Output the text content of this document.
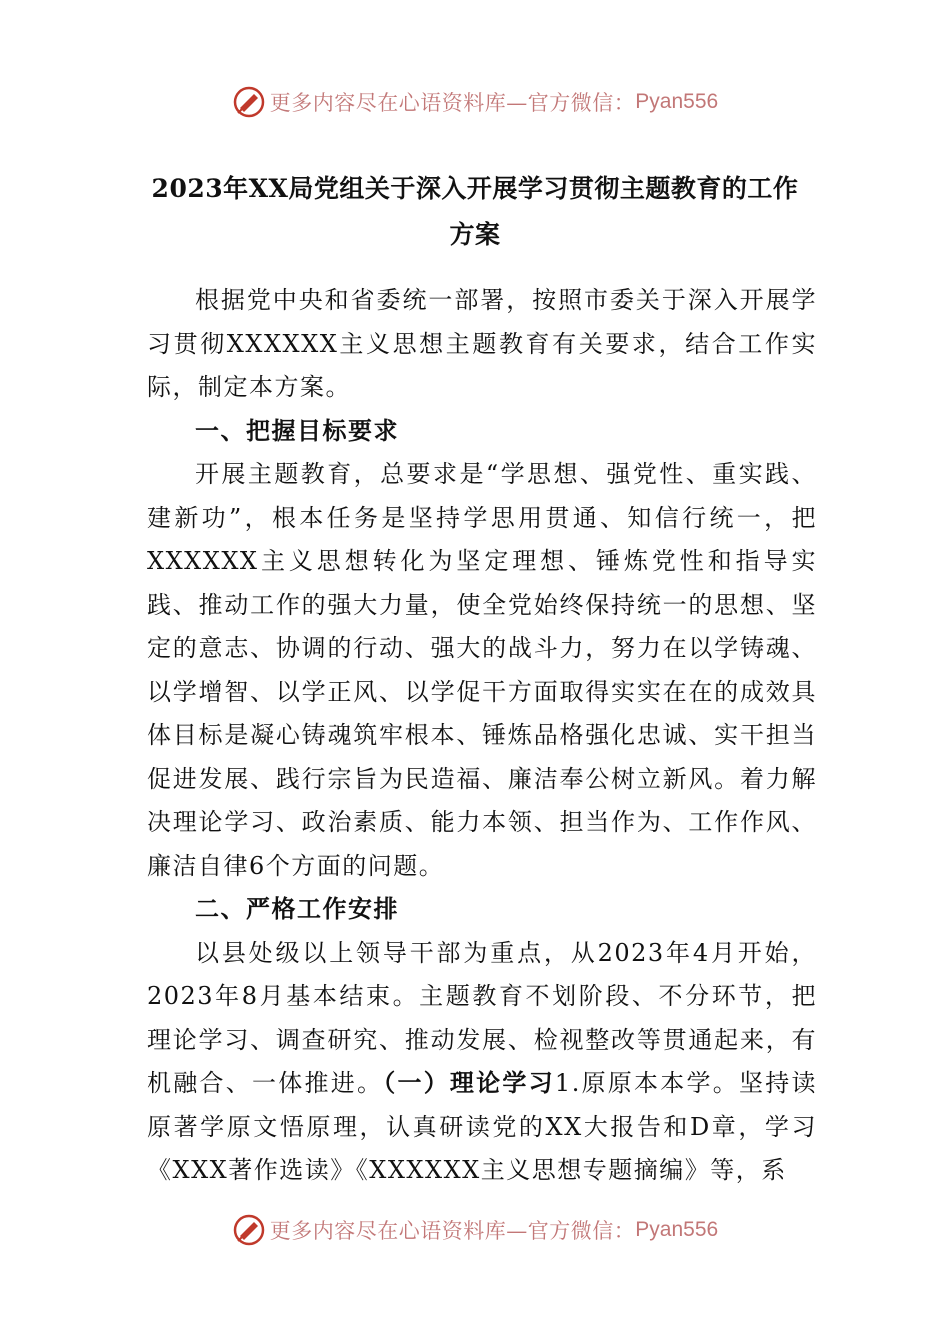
更多内容尽在心语资料库—官方微信： Pyan556
2023年XX局党组关于深入开展学习贯彻主题教育的工作方案

根据党中央和省委统一部署，按照市委关于深入开展学习贯彻XXXXXX主义思想主题教育有关要求，结合工作实际，制定本方案。

一、把握目标要求

开展主题教育，总要求是“学思想、强党性、重实践、建新功”，根本任务是坚持学思用贯通、知信行统一，把XXXXXX主义思想转化为坚定理想、锤炼党性和指导实践、推动工作的强大力量，使全党始终保持统一的思想、坚定的意志、协调的行动、强大的战斗力，努力在以学铸魂、以学增智、以学正风、以学促干方面取得实实在在的成效具体目标是凝心铸魂筑牢根本、锤炼品格强化忠诚、实干担当促进发展、践行宗旨为民造福、廉洁奉公树立新风。着力解决理论学习、政治素质、能力本领、担当作为、工作作风、廉洁自律6个方面的问题。

二、严格工作安排

以县处级以上领导干部为重点，从2023年4月开始，2023年8月基本结束。主题教育不划阶段、不分环节，把理论学习、调查研究、推动发展、检视整改等贯通起来，有机融合、一体推进。（一）理论学习1.原原本本学。坚持读原著学原文悟原理，认真研读党的XX大报告和D章，学习《XXX著作选读》《XXXXXX主义思想专题摘编》等，系

更多内容尽在心语资料库—官方微信： Pyan556
